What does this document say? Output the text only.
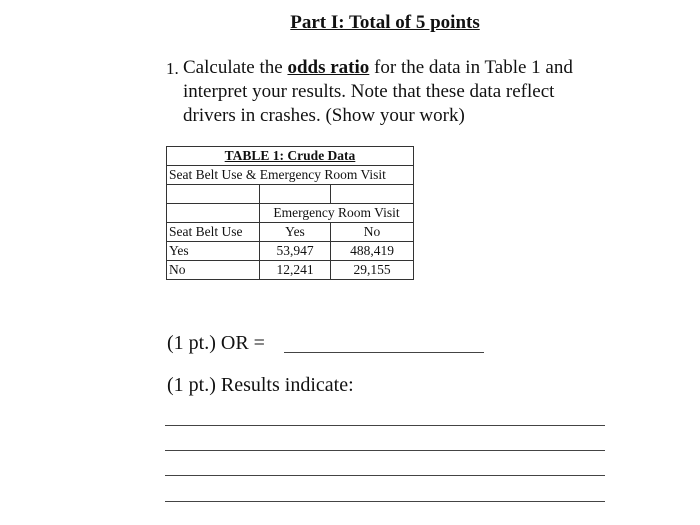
Part I: Total of 5 points
1. Calculate the odds ratio for the data in Table 1 and
interpret your results. Note that these data reflect
drivers in crashes. (Show your work)
TABLE 1: Crude Data		
Seat Belt Use & Emergency Room Visit		

	Emergency Room Visit	
Seat Belt Use	Yes	No
Yes	53,947	488,419
No	12,241	29,155
(1 pt.) OR =
(1 pt.) Results indicate:
